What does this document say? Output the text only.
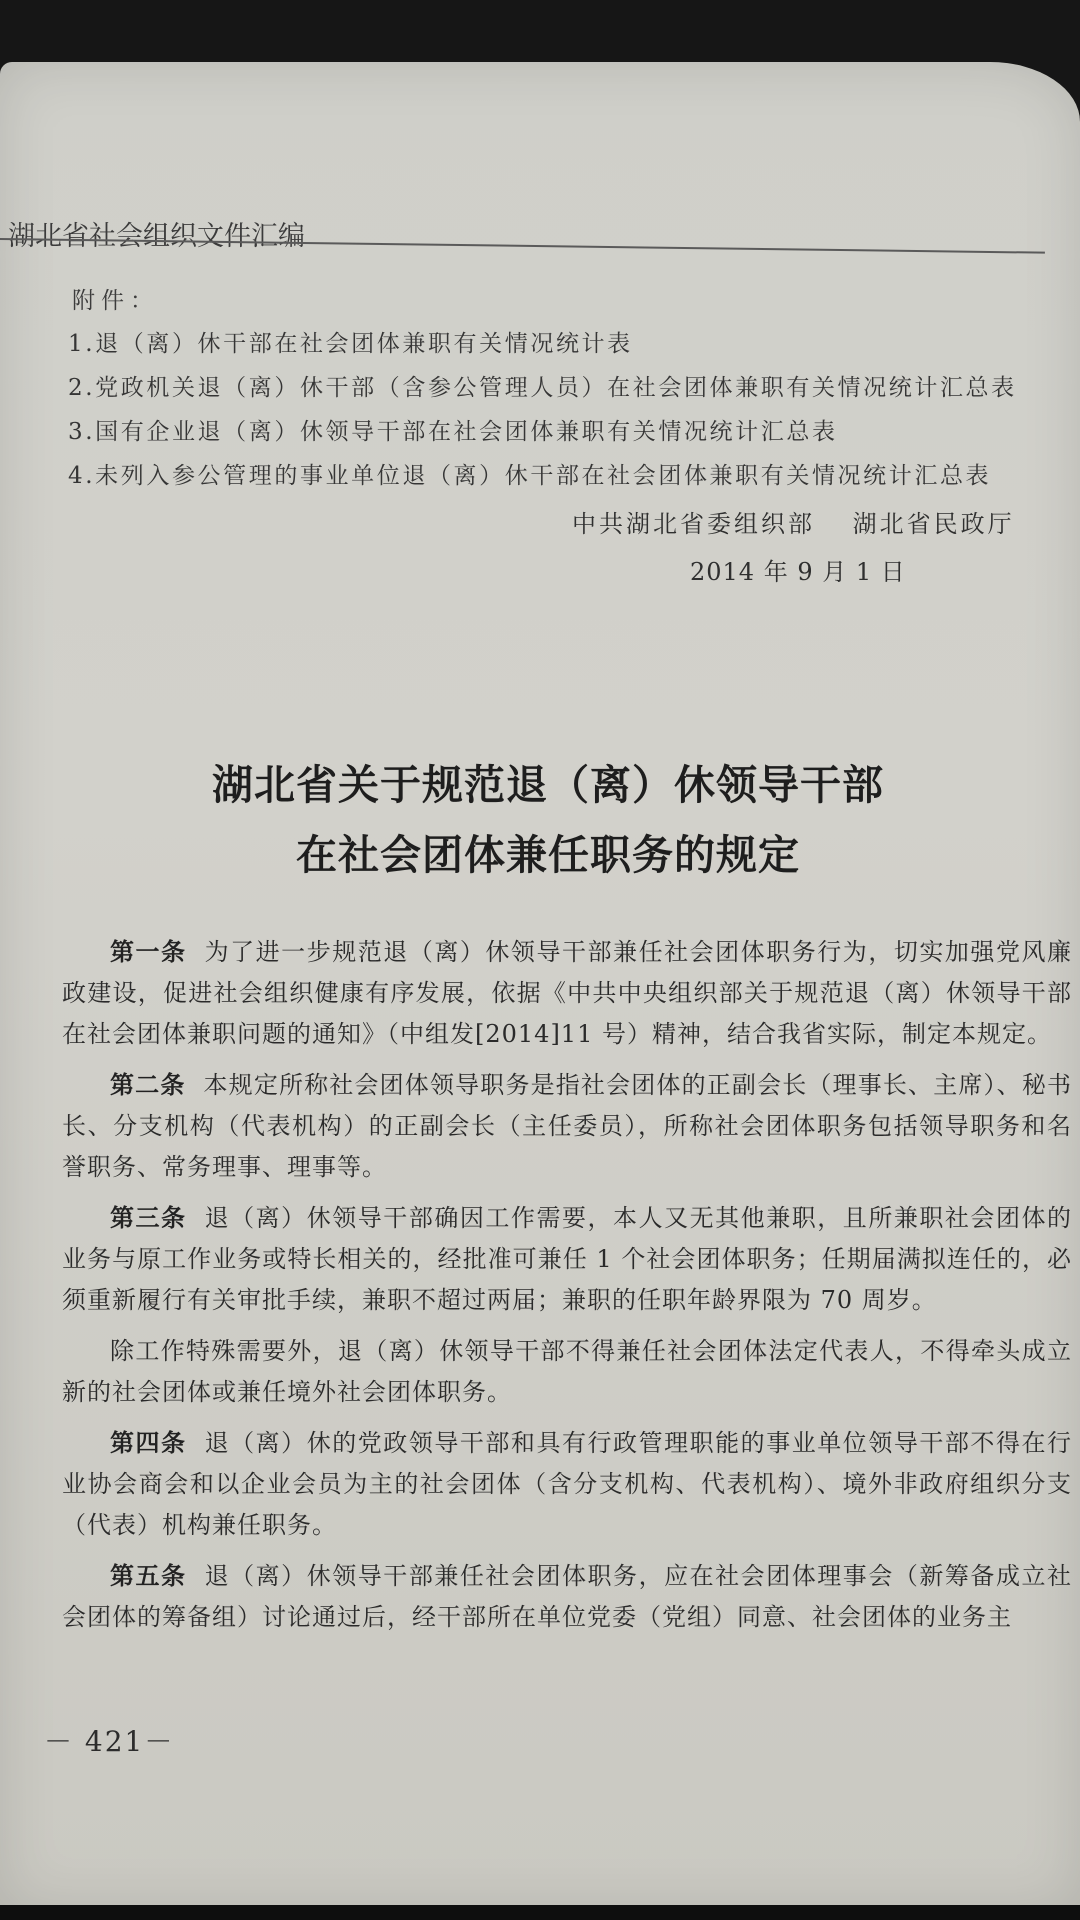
湖北省社会组织文件汇编
附件：
1.退（离）休干部在社会团体兼职有关情况统计表
2.党政机关退（离）休干部（含参公管理人员）在社会团体兼职有关情况统计汇总表
3.国有企业退（离）休领导干部在社会团体兼职有关情况统计汇总表
4.未列入参公管理的事业单位退（离）休干部在社会团体兼职有关情况统计汇总表
中共湖北省委组织部　 湖北省民政厅
2014 年 9 月 1 日
湖北省关于规范退（离）休领导干部
在社会团体兼任职务的规定

第一条 为了进一步规范退（离）休领导干部兼任社会团体职务行为，切实加强党风廉政建设，促进社会组织健康有序发展，依据《中共中央组织部关于规范退（离）休领导干部在社会团体兼职问题的通知》（中组发[2014]11 号）精神，结合我省实际，制定本规定。

第二条 本规定所称社会团体领导职务是指社会团体的正副会长（理事长、主席）、秘书长、分支机构（代表机构）的正副会长（主任委员），所称社会团体职务包括领导职务和名誉职务、常务理事、理事等。

第三条 退（离）休领导干部确因工作需要，本人又无其他兼职，且所兼职社会团体的业务与原工作业务或特长相关的，经批准可兼任 1 个社会团体职务；任期届满拟连任的，必须重新履行有关审批手续，兼职不超过两届；兼职的任职年龄界限为 70 周岁。

除工作特殊需要外，退（离）休领导干部不得兼任社会团体法定代表人，不得牵头成立新的社会团体或兼任境外社会团体职务。

第四条 退（离）休的党政领导干部和具有行政管理职能的事业单位领导干部不得在行业协会商会和以企业会员为主的社会团体（含分支机构、代表机构）、境外非政府组织分支（代表）机构兼任职务。

第五条 退（离）休领导干部兼任社会团体职务，应在社会团体理事会（新筹备成立社会团体的筹备组）讨论通过后，经干部所在单位党委（党组）同意、社会团体的业务主

－ 421－
